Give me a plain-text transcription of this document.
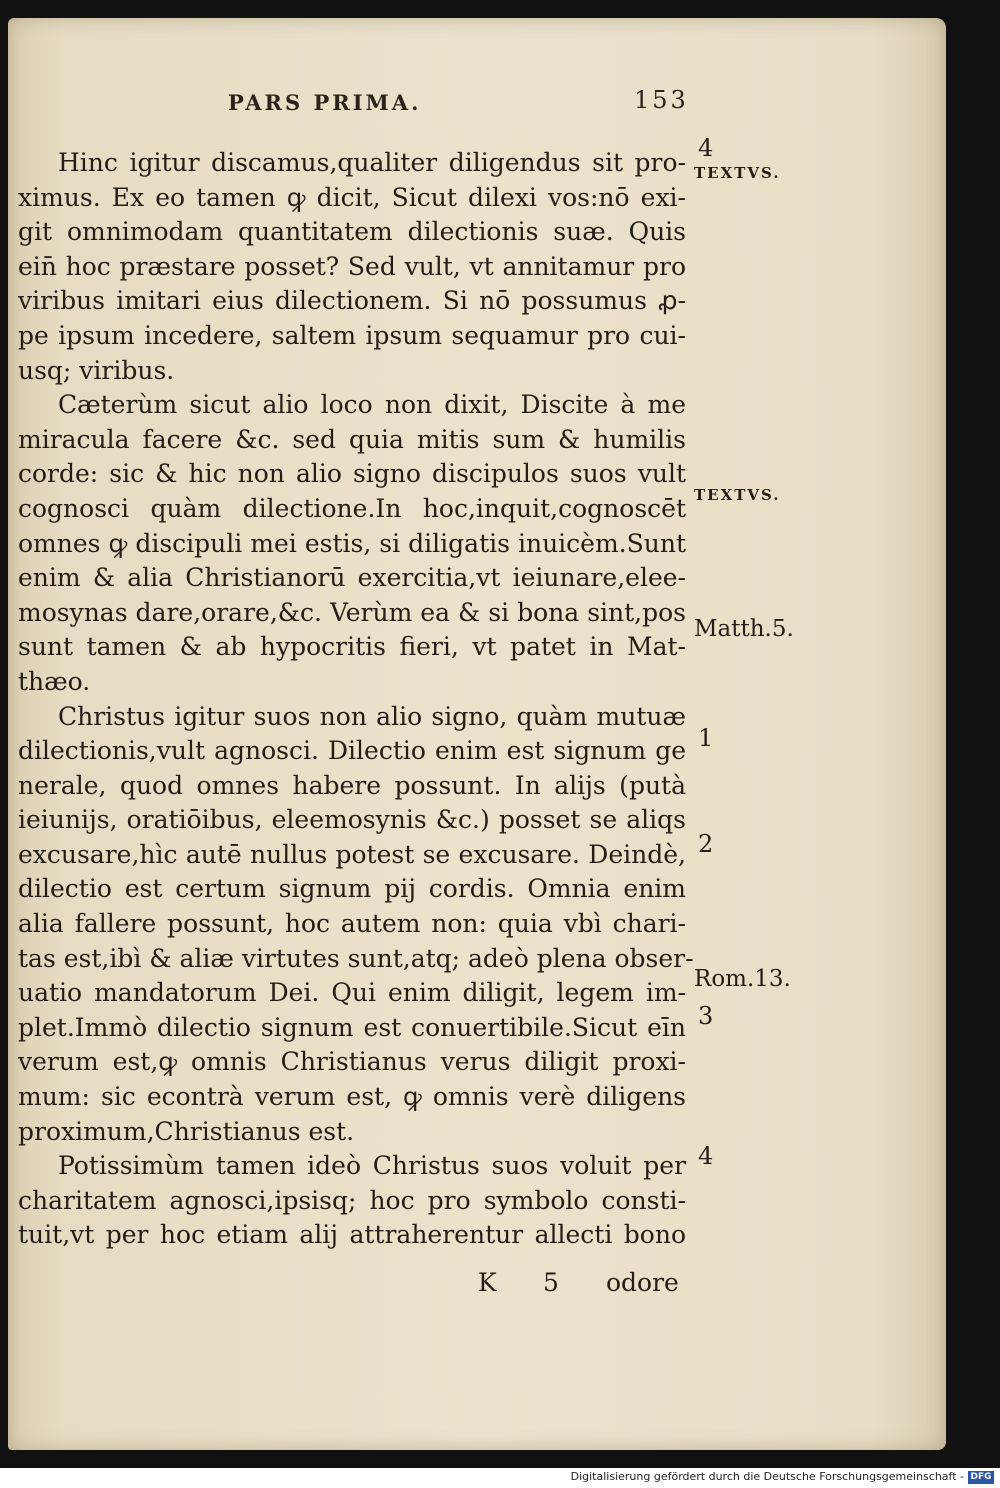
PARS PRIMA.	153
Hinc igitur discamus,qualiter diligendus sit pro-
ximus. Ex eo tamen ꝙ dicit, Sicut dilexi vos:nō exi-
git omnimodam quantitatem dilectionis suæ. Quis
ein̄ hoc præstare posset? Sed vult, vt annitamur pro
viribus imitari eius dilectionem. Si nō possumus ꝓ-
pe ipsum incedere, saltem ipsum sequamur pro cui-
usq; viribus.
Cæterùm sicut alio loco non dixit, Discite à me
miracula facere &c. sed quia mitis sum & humilis
corde: sic & hic non alio signo discipulos suos vult
cognosci quàm dilectione.In hoc,inquit,cognoscēt
omnes ꝙ discipuli mei estis, si diligatis inuicèm.Sunt
enim & alia Christianorū exercitia,vt ieiunare,elee-
mosynas dare,orare,&c. Verùm ea & si bona sint,pos
sunt tamen & ab hypocritis fieri, vt patet in Mat-
thæo.
Christus igitur suos non alio signo, quàm mutuæ
dilectionis,vult agnosci. Dilectio enim est signum ge
nerale, quod omnes habere possunt. In alijs (putà
ieiunijs, oratiōibus, eleemosynis &c.) posset se aliqs
excusare,hìc autē nullus potest se excusare. Deindè,
dilectio est certum signum pij cordis. Omnia enim
alia fallere possunt, hoc autem non: quia vbì chari-
tas est,ibì & aliæ virtutes sunt,atq; adeò plena obser-
uatio mandatorum Dei. Qui enim diligit, legem im-
plet.Immò dilectio signum est conuertibile.Sicut eīn
verum est,ꝙ omnis Christianus verus diligit proxi-
mum: sic econtrà verum est, ꝙ omnis verè diligens
proximum,Christianus est.
Potissimùm tamen ideò Christus suos voluit per
charitatem agnosci,ipsisq; hoc pro symbolo consti-
tuit,vt per hoc etiam alij attraherentur allecti bono
4
TEXTVS.
TEXTVS.
Matth.5.
1
2
Rom.13.
3
4
K 5 odore
Digitalisierung gefördert durch die Deutsche Forschungsgemeinschaft - DFG
